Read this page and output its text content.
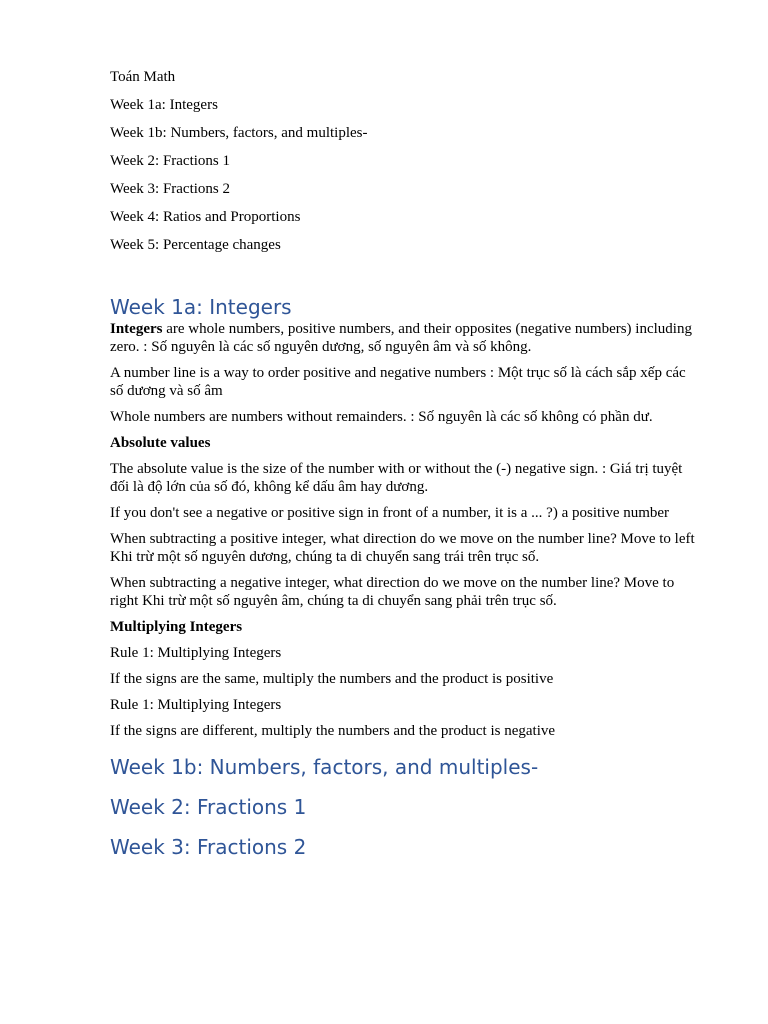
Toán Math

Week 1a: Integers

Week 1b: Numbers, factors, and multiples-

Week 2: Fractions 1

Week 3: Fractions 2

Week 4: Ratios and Proportions

Week 5: Percentage changes

Week 1a: Integers

Integers are whole numbers, positive numbers, and their opposites (negative numbers) including zero. : Số nguyên là các số nguyên dương, số nguyên âm và số không.

A number line is a way to order positive and negative numbers : Một trục số là cách sắp xếp các số dương và số âm

Whole numbers are numbers without remainders. : Số nguyên là các số không có phần dư.

Absolute values

The absolute value is the size of the number with or without the (-) negative sign. : Giá trị tuyệt đối là độ lớn của số đó, không kể dấu âm hay dương.

If you don't see a negative or positive sign in front of a number, it is a ... ?) a positive number

When subtracting a positive integer, what direction do we move on the number line? Move to left Khi trừ một số nguyên dương, chúng ta di chuyển sang trái trên trục số.

When subtracting a negative integer, what direction do we move on the number line? Move to right Khi trừ một số nguyên âm, chúng ta di chuyển sang phải trên trục số.

Multiplying Integers

Rule 1: Multiplying Integers

If the signs are the same, multiply the numbers and the product is positive

Rule 1: Multiplying Integers

If the signs are different, multiply the numbers and the product is negative

Week 1b: Numbers, factors, and multiples-
Week 2: Fractions 1
Week 3: Fractions 2
